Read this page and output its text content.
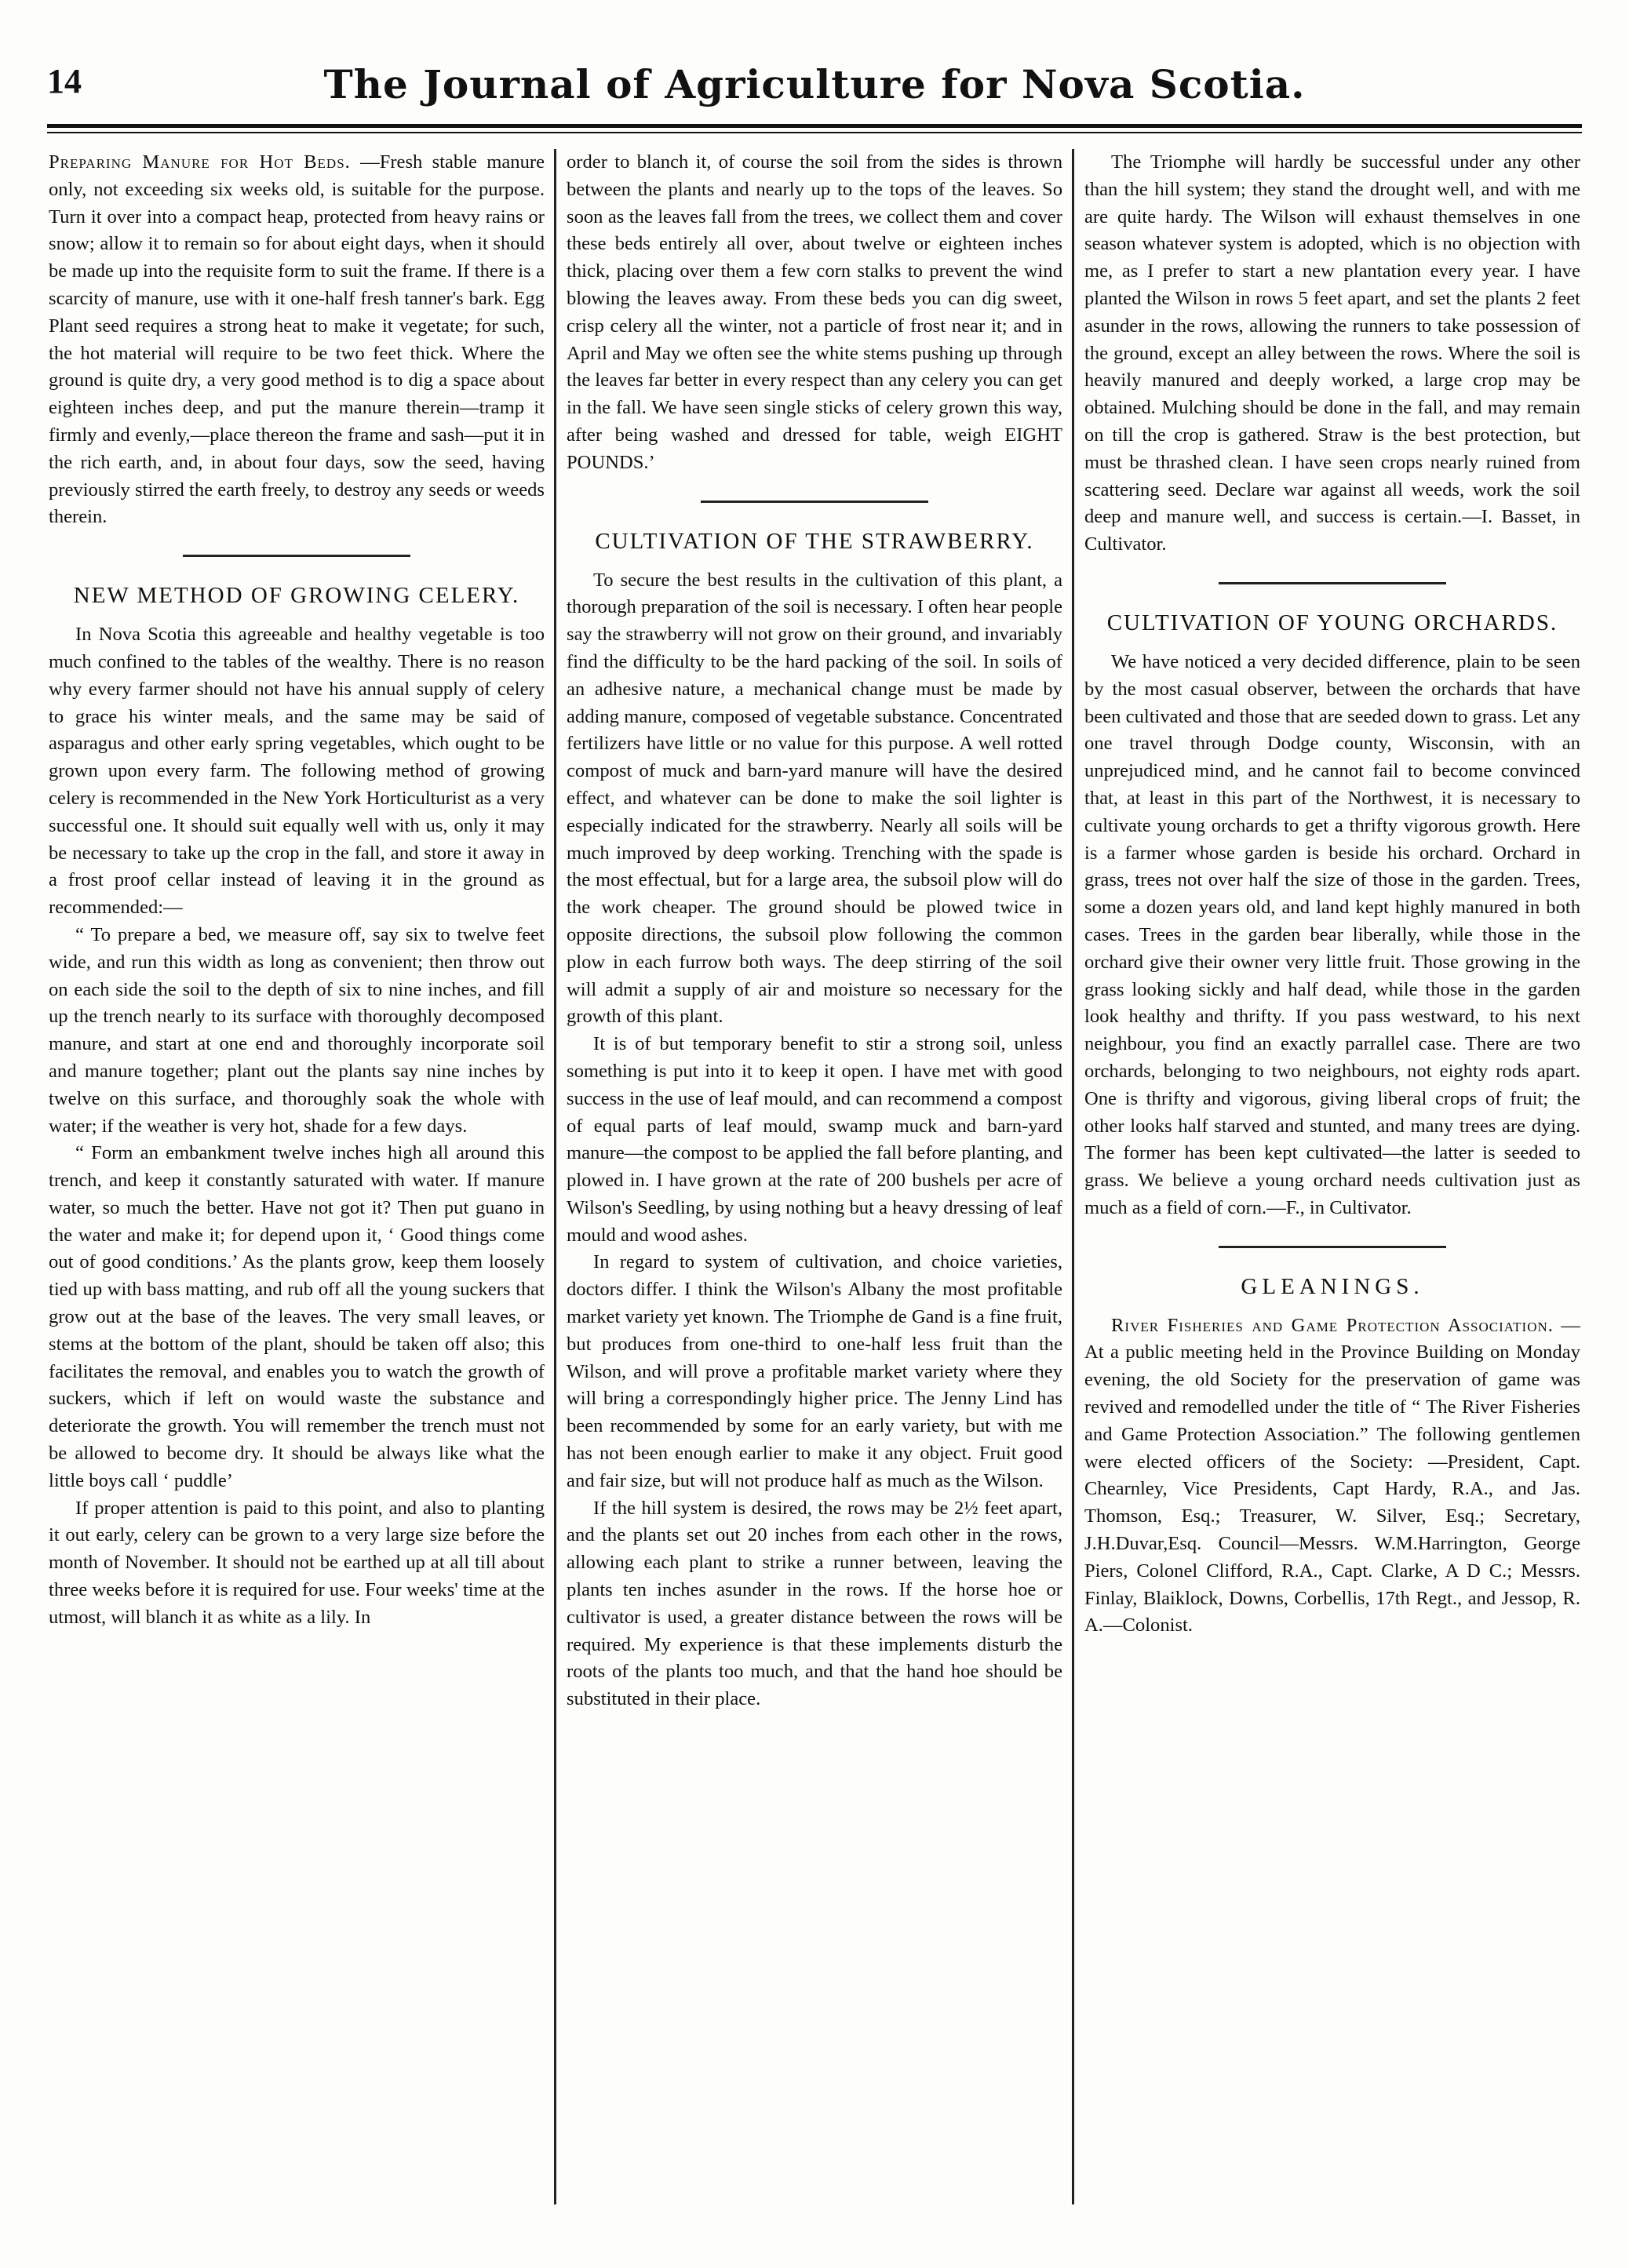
14	The Journal of Agriculture for Nova Scotia.

Preparing Manure for Hot Beds. —Fresh stable manure only, not exceeding six weeks old, is suitable for the purpose. Turn it over into a compact heap, protected from heavy rains or snow; allow it to remain so for about eight days, when it should be made up into the requisite form to suit the frame. If there is a scarcity of manure, use with it one-half fresh tanner's bark. Egg Plant seed requires a strong heat to make it vegetate; for such, the hot material will require to be two feet thick. Where the ground is quite dry, a very good method is to dig a space about eighteen inches deep, and put the manure therein—tramp it firmly and evenly,—place thereon the frame and sash—put it in the rich earth, and, in about four days, sow the seed, having previously stirred the earth freely, to destroy any seeds or weeds therein.

NEW METHOD OF GROWING CELERY.

In Nova Scotia this agreeable and healthy vegetable is too much confined to the tables of the wealthy. There is no reason why every farmer should not have his annual supply of celery to grace his winter meals, and the same may be said of asparagus and other early spring vegetables, which ought to be grown upon every farm. The following method of growing celery is recommended in the New York Horticulturist as a very successful one. It should suit equally well with us, only it may be necessary to take up the crop in the fall, and store it away in a frost proof cellar instead of leaving it in the ground as recommended:—

“ To prepare a bed, we measure off, say six to twelve feet wide, and run this width as long as convenient; then throw out on each side the soil to the depth of six to nine inches, and fill up the trench nearly to its surface with thoroughly decomposed manure, and start at one end and thoroughly incorporate soil and manure together; plant out the plants say nine inches by twelve on this surface, and thoroughly soak the whole with water; if the weather is very hot, shade for a few days.

“ Form an embankment twelve inches high all around this trench, and keep it constantly saturated with water. If manure water, so much the better. Have not got it? Then put guano in the water and make it; for depend upon it, ‘ Good things come out of good conditions.’ As the plants grow, keep them loosely tied up with bass matting, and rub off all the young suckers that grow out at the base of the leaves. The very small leaves, or stems at the bottom of the plant, should be taken off also; this facilitates the removal, and enables you to watch the growth of suckers, which if left on would waste the substance and deteriorate the growth. You will remember the trench must not be allowed to become dry. It should be always like what the little boys call ‘ puddle’

If proper attention is paid to this point, and also to planting it out early, celery can be grown to a very large size before the month of November. It should not be earthed up at all till about three weeks before it is required for use. Four weeks' time at the utmost, will blanch it as white as a lily. In

order to blanch it, of course the soil from the sides is thrown between the plants and nearly up to the tops of the leaves. So soon as the leaves fall from the trees, we collect them and cover these beds entirely all over, about twelve or eighteen inches thick, placing over them a few corn stalks to prevent the wind blowing the leaves away. From these beds you can dig sweet, crisp celery all the winter, not a particle of frost near it; and in April and May we often see the white stems pushing up through the leaves far better in every respect than any celery you can get in the fall. We have seen single sticks of celery grown this way, after being washed and dressed for table, weigh EIGHT POUNDS.’

CULTIVATION OF THE STRAWBERRY.

To secure the best results in the cultivation of this plant, a thorough preparation of the soil is necessary. I often hear people say the strawberry will not grow on their ground, and invariably find the difficulty to be the hard packing of the soil. In soils of an adhesive nature, a mechanical change must be made by adding manure, composed of vegetable substance. Concentrated fertilizers have little or no value for this purpose. A well rotted compost of muck and barn-yard manure will have the desired effect, and whatever can be done to make the soil lighter is especially indicated for the strawberry. Nearly all soils will be much improved by deep working. Trenching with the spade is the most effectual, but for a large area, the subsoil plow will do the work cheaper. The ground should be plowed twice in opposite directions, the subsoil plow following the common plow in each furrow both ways. The deep stirring of the soil will admit a supply of air and moisture so necessary for the growth of this plant.

It is of but temporary benefit to stir a strong soil, unless something is put into it to keep it open. I have met with good success in the use of leaf mould, and can recommend a compost of equal parts of leaf mould, swamp muck and barn-yard manure—the compost to be applied the fall before planting, and plowed in. I have grown at the rate of 200 bushels per acre of Wilson's Seedling, by using nothing but a heavy dressing of leaf mould and wood ashes.

In regard to system of cultivation, and choice varieties, doctors differ. I think the Wilson's Albany the most profitable market variety yet known. The Triomphe de Gand is a fine fruit, but produces from one-third to one-half less fruit than the Wilson, and will prove a profitable market variety where they will bring a correspondingly higher price. The Jenny Lind has been recommended by some for an early variety, but with me has not been enough earlier to make it any object. Fruit good and fair size, but will not produce half as much as the Wilson.

If the hill system is desired, the rows may be 2½ feet apart, and the plants set out 20 inches from each other in the rows, allowing each plant to strike a runner between, leaving the plants ten inches asunder in the rows. If the horse hoe or cultivator is used, a greater distance between the rows will be required. My experience is that these implements disturb the roots of the plants too much, and that the hand hoe should be substituted in their place.

The Triomphe will hardly be successful under any other than the hill system; they stand the drought well, and with me are quite hardy. The Wilson will exhaust themselves in one season whatever system is adopted, which is no objection with me, as I prefer to start a new plantation every year. I have planted the Wilson in rows 5 feet apart, and set the plants 2 feet asunder in the rows, allowing the runners to take possession of the ground, except an alley between the rows. Where the soil is heavily manured and deeply worked, a large crop may be obtained. Mulching should be done in the fall, and may remain on till the crop is gathered. Straw is the best protection, but must be thrashed clean. I have seen crops nearly ruined from scattering seed. Declare war against all weeds, work the soil deep and manure well, and success is certain.—I. Basset, in Cultivator.

CULTIVATION OF YOUNG ORCHARDS.

We have noticed a very decided difference, plain to be seen by the most casual observer, between the orchards that have been cultivated and those that are seeded down to grass. Let any one travel through Dodge county, Wisconsin, with an unprejudiced mind, and he cannot fail to become convinced that, at least in this part of the Northwest, it is necessary to cultivate young orchards to get a thrifty vigorous growth. Here is a farmer whose garden is beside his orchard. Orchard in grass, trees not over half the size of those in the garden. Trees, some a dozen years old, and land kept highly manured in both cases. Trees in the garden bear liberally, while those in the orchard give their owner very little fruit. Those growing in the grass looking sickly and half dead, while those in the garden look healthy and thrifty. If you pass westward, to his next neighbour, you find an exactly parrallel case. There are two orchards, belonging to two neighbours, not eighty rods apart. One is thrifty and vigorous, giving liberal crops of fruit; the other looks half starved and stunted, and many trees are dying. The former has been kept cultivated—the latter is seeded to grass. We believe a young orchard needs cultivation just as much as a field of corn.—F., in Cultivator.

GLEANINGS.

River Fisheries and Game Protection Association. —At a public meeting held in the Province Building on Monday evening, the old Society for the preservation of game was revived and remodelled under the title of “ The River Fisheries and Game Protection Association.” The following gentlemen were elected officers of the Society: —President, Capt. Chearnley, Vice Presidents, Capt Hardy, R.A., and Jas. Thomson, Esq.; Treasurer, W. Silver, Esq.; Secretary, J.H.Duvar,Esq. Council—Messrs. W.M.Harrington, George Piers, Colonel Clifford, R.A., Capt. Clarke, A D C.; Messrs. Finlay, Blaiklock, Downs, Corbellis, 17th Regt., and Jessop, R. A.—Colonist.
